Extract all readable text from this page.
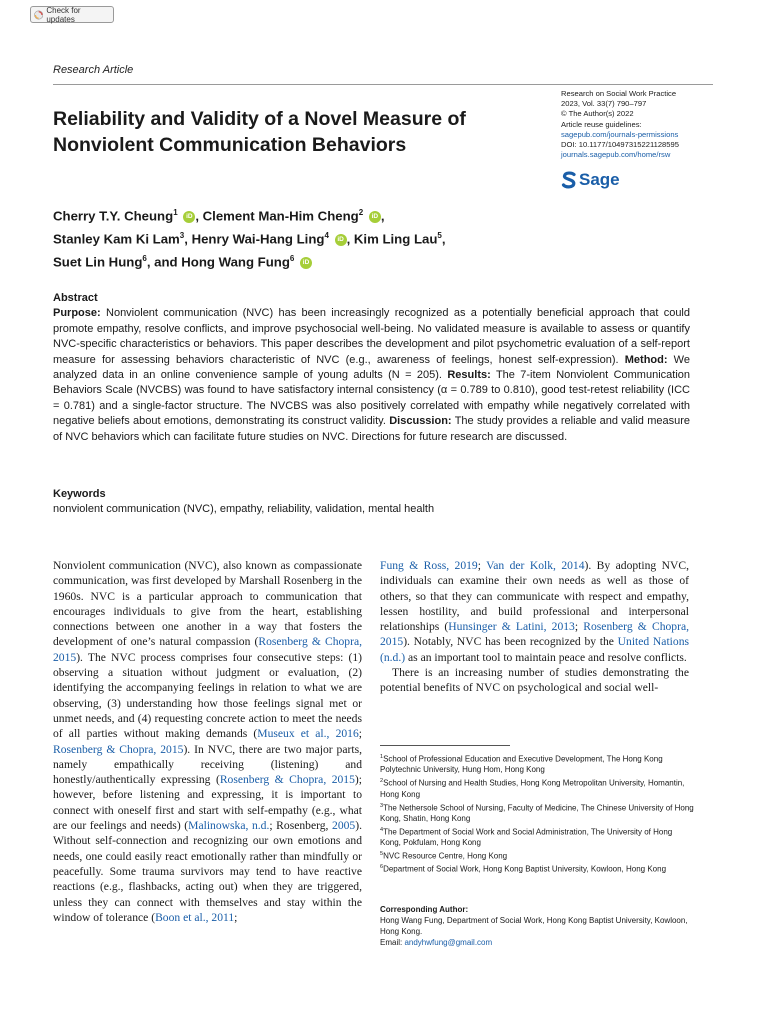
Check for updates
Research Article
Reliability and Validity of a Novel Measure of Nonviolent Communication Behaviors
Research on Social Work Practice
2023, Vol. 33(7) 790–797
© The Author(s) 2022
Article reuse guidelines:
sagepub.com/journals-permissions
DOI: 10.1177/10497315221128595
journals.sagepub.com/home/rsw
Sage
Cherry T.Y. Cheung$^1$ iD , Clement Man-Him Cheng$^2$ iD ,
Stanley Kam Ki Lam$^3$, Henry Wai-Hang Ling$^4$ iD , Kim Ling Lau$^5$,
Suet Lin Hung$^6$, and Hong Wang Fung$^6$ iD
Abstract
Purpose: Nonviolent communication (NVC) has been increasingly recognized as a potentially beneficial approach that could promote empathy, resolve conflicts, and improve psychosocial well-being. No validated measure is available to assess or quantify NVC-specific characteristics or behaviors. This paper describes the development and pilot psychometric evaluation of a self-report measure for assessing behaviors characteristic of NVC (e.g., awareness of feelings, honest self-expression). Method: We analyzed data in an online convenience sample of young adults (N = 205). Results: The 7-item Nonviolent Communication Behaviors Scale (NVCBS) was found to have satisfactory internal consistency (α = 0.789 to 0.810), good test-retest reliability (ICC = 0.781) and a single-factor structure. The NVCBS was also positively correlated with empathy while negatively correlated with negative beliefs about emotions, demonstrating its construct validity. Discussion: The study provides a reliable and valid measure of NVC behaviors which can facilitate future studies on NVC. Directions for future research are discussed.
Keywords
nonviolent communication (NVC), empathy, reliability, validation, mental health

Nonviolent communication (NVC), also known as compassionate communication, was first developed by Marshall Rosenberg in the 1960s. NVC is a particular approach to communication that encourages individuals to give from the heart, establishing connections between one another in a way that fosters the development of one’s natural compassion (Rosenberg & Chopra, 2015). The NVC process comprises four consecutive steps: (1) observing a situation without judgment or evaluation, (2) identifying the accompanying feelings in relation to what we are observing, (3) understanding how those feelings signal met or unmet needs, and (4) requesting concrete action to meet the needs of all parties without making demands (Museux et al., 2016; Rosenberg & Chopra, 2015). In NVC, there are two major parts, namely empathically receiving (listening) and honestly/authentically expressing (Rosenberg & Chopra, 2015); however, before listening and expressing, it is important to connect with oneself first and start with self-empathy (e.g., what are our feelings and needs) (Malinowska, n.d.; Rosenberg, 2005). Without self-connection and recognizing our own emotions and needs, one could easily react emotionally rather than mindfully or peacefully. Some trauma survivors may tend to have reactive reactions (e.g., flashbacks, acting out) when they are triggered, unless they can connect with themselves and stay within the window of tolerance (Boon et al., 2011;

Fung & Ross, 2019; Van der Kolk, 2014). By adopting NVC, individuals can examine their own needs as well as those of others, so that they can communicate with respect and empathy, lessen hostility, and build professional and interpersonal relationships (Hunsinger & Latini, 2013; Rosenberg & Chopra, 2015). Notably, NVC has been recognized by the United Nations (n.d.) as an important tool to maintain peace and resolve conflicts.

There is an increasing number of studies demonstrating the potential benefits of NVC on psychological and social well-

$^1$School of Professional Education and Executive Development, The Hong Kong Polytechnic University, Hung Hom, Hong Kong

$^2$School of Nursing and Health Studies, Hong Kong Metropolitan University, Homantin, Hong Kong

$^3$The Nethersole School of Nursing, Faculty of Medicine, The Chinese University of Hong Kong, Shatin, Hong Kong

$^4$The Department of Social Work and Social Administration, The University of Hong Kong, Pokfulam, Hong Kong

$^5$NVC Resource Centre, Hong Kong

$^6$Department of Social Work, Hong Kong Baptist University, Kowloon, Hong Kong

Corresponding Author:
Hong Wang Fung, Department of Social Work, Hong Kong Baptist University, Kowloon, Hong Kong.
Email: andyhwfung@gmail.com
